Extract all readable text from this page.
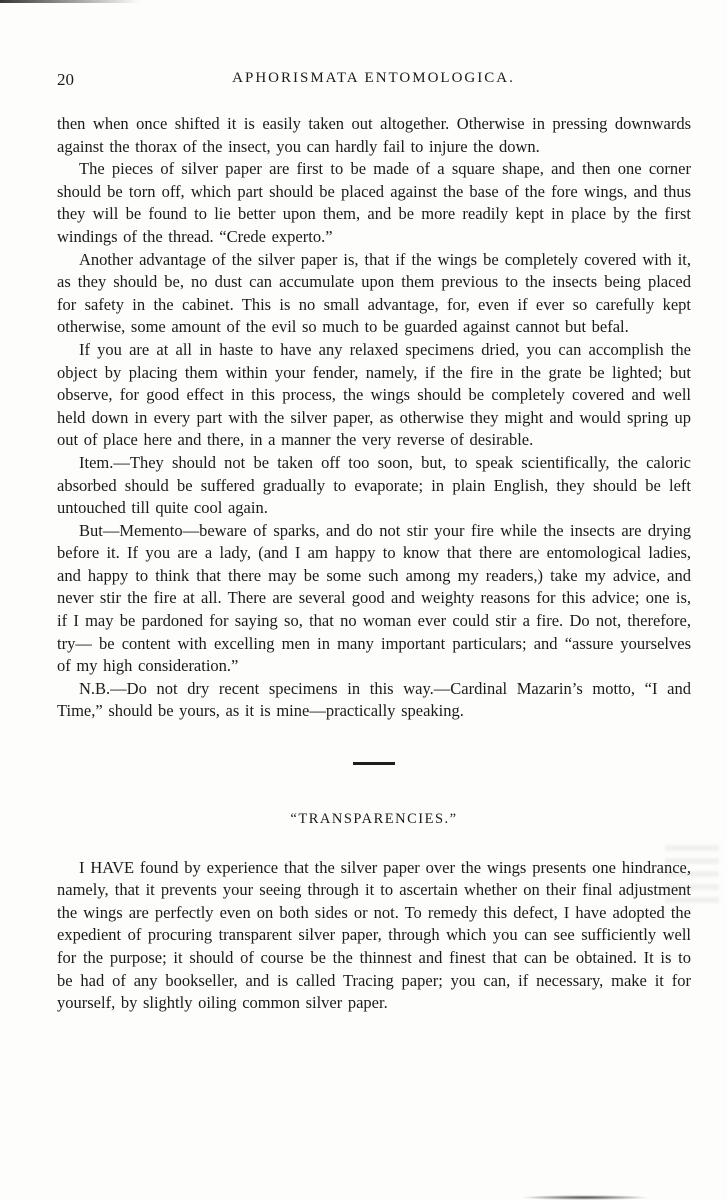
20	APHORISMATA ENTOMOLOGICA.

then when once shifted it is easily taken out altogether. Otherwise in pressing downwards against the thorax of the insect, you can hardly fail to injure the down.

The pieces of silver paper are first to be made of a square shape, and then one corner should be torn off, which part should be placed against the base of the fore wings, and thus they will be found to lie better upon them, and be more readily kept in place by the first windings of the thread. “Crede experto.”

Another advantage of the silver paper is, that if the wings be completely covered with it, as they should be, no dust can accumulate upon them previous to the insects being placed for safety in the cabinet. This is no small advantage, for, even if ever so carefully kept otherwise, some amount of the evil so much to be guarded against cannot but befal.

If you are at all in haste to have any relaxed specimens dried, you can accomplish the object by placing them within your fender, namely, if the fire in the grate be lighted; but observe, for good effect in this process, the wings should be completely covered and well held down in every part with the silver paper, as otherwise they might and would spring up out of place here and there, in a manner the very reverse of desirable.

Item.—They should not be taken off too soon, but, to speak scientifically, the caloric absorbed should be suffered gradually to evaporate; in plain English, they should be left untouched till quite cool again.

But—Memento—beware of sparks, and do not stir your fire while the insects are drying before it. If you are a lady, (and I am happy to know that there are entomological ladies, and happy to think that there may be some such among my readers,) take my advice, and never stir the fire at all. There are several good and weighty reasons for this advice; one is, if I may be pardoned for saying so, that no woman ever could stir a fire. Do not, therefore, try— be content with excelling men in many important particulars; and “assure yourselves of my high consideration.”

N.B.—Do not dry recent specimens in this way.—Cardinal Mazarin’s motto, “I and Time,” should be yours, as it is mine—practically speaking.

“TRANSPARENCIES.”

I HAVE found by experience that the silver paper over the wings presents one hindrance, namely, that it prevents your seeing through it to ascertain whether on their final adjustment the wings are perfectly even on both sides or not. To remedy this defect, I have adopted the expedient of procuring transparent silver paper, through which you can see sufficiently well for the purpose; it should of course be the thinnest and finest that can be obtained. It is to be had of any bookseller, and is called Tracing paper; you can, if necessary, make it for yourself, by slightly oiling common silver paper.
